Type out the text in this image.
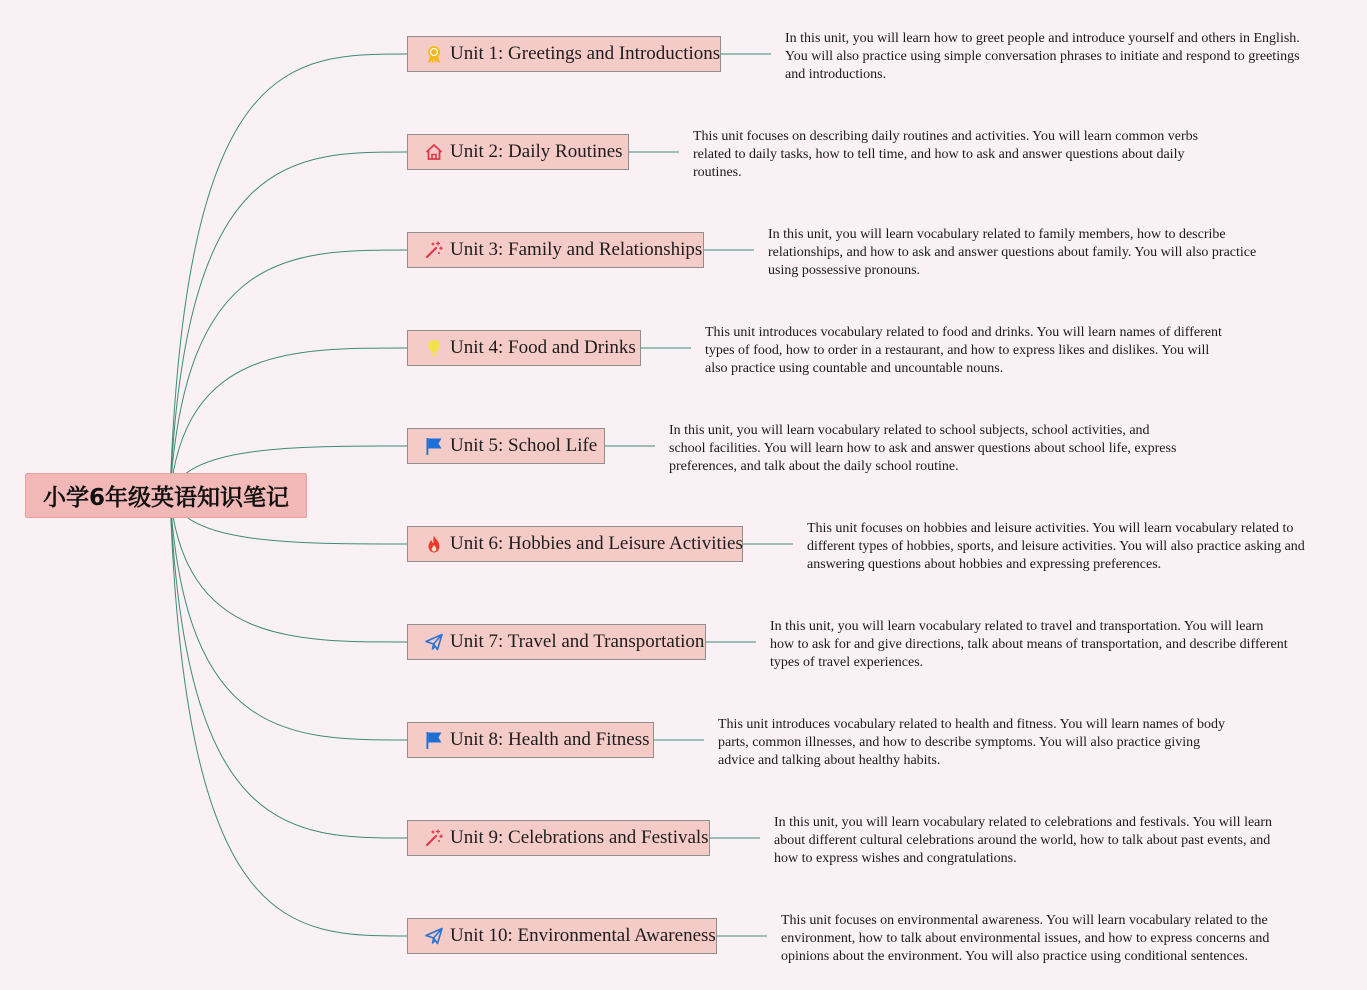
小学6年级英语知识笔记
Unit 1: Greetings and Introductions
In this unit, you will learn how to greet people and introduce yourself and others in English. You will also practice using simple conversation phrases to initiate and respond to greetings and introductions.
Unit 2: Daily Routines
This unit focuses on describing daily routines and activities. You will learn common verbs related to daily tasks, how to tell time, and how to ask and answer questions about daily routines.
Unit 3: Family and Relationships
In this unit, you will learn vocabulary related to family members, how to describe relationships, and how to ask and answer questions about family. You will also practice using possessive pronouns.
Unit 4: Food and Drinks
This unit introduces vocabulary related to food and drinks. You will learn names of different types of food, how to order in a restaurant, and how to express likes and dislikes. You will also practice using countable and uncountable nouns.
Unit 5: School Life
In this unit, you will learn vocabulary related to school subjects, school activities, and school facilities. You will learn how to ask and answer questions about school life, express preferences, and talk about the daily school routine.
Unit 6: Hobbies and Leisure Activities
This unit focuses on hobbies and leisure activities. You will learn vocabulary related to different types of hobbies, sports, and leisure activities. You will also practice asking and answering questions about hobbies and expressing preferences.
Unit 7: Travel and Transportation
In this unit, you will learn vocabulary related to travel and transportation. You will learn how to ask for and give directions, talk about means of transportation, and describe different types of travel experiences.
Unit 8: Health and Fitness
This unit introduces vocabulary related to health and fitness. You will learn names of body parts, common illnesses, and how to describe symptoms. You will also practice giving advice and talking about healthy habits.
Unit 9: Celebrations and Festivals
In this unit, you will learn vocabulary related to celebrations and festivals. You will learn about different cultural celebrations around the world, how to talk about past events, and how to express wishes and congratulations.
Unit 10: Environmental Awareness
This unit focuses on environmental awareness. You will learn vocabulary related to the environment, how to talk about environmental issues, and how to express concerns and opinions about the environment. You will also practice using conditional sentences.
